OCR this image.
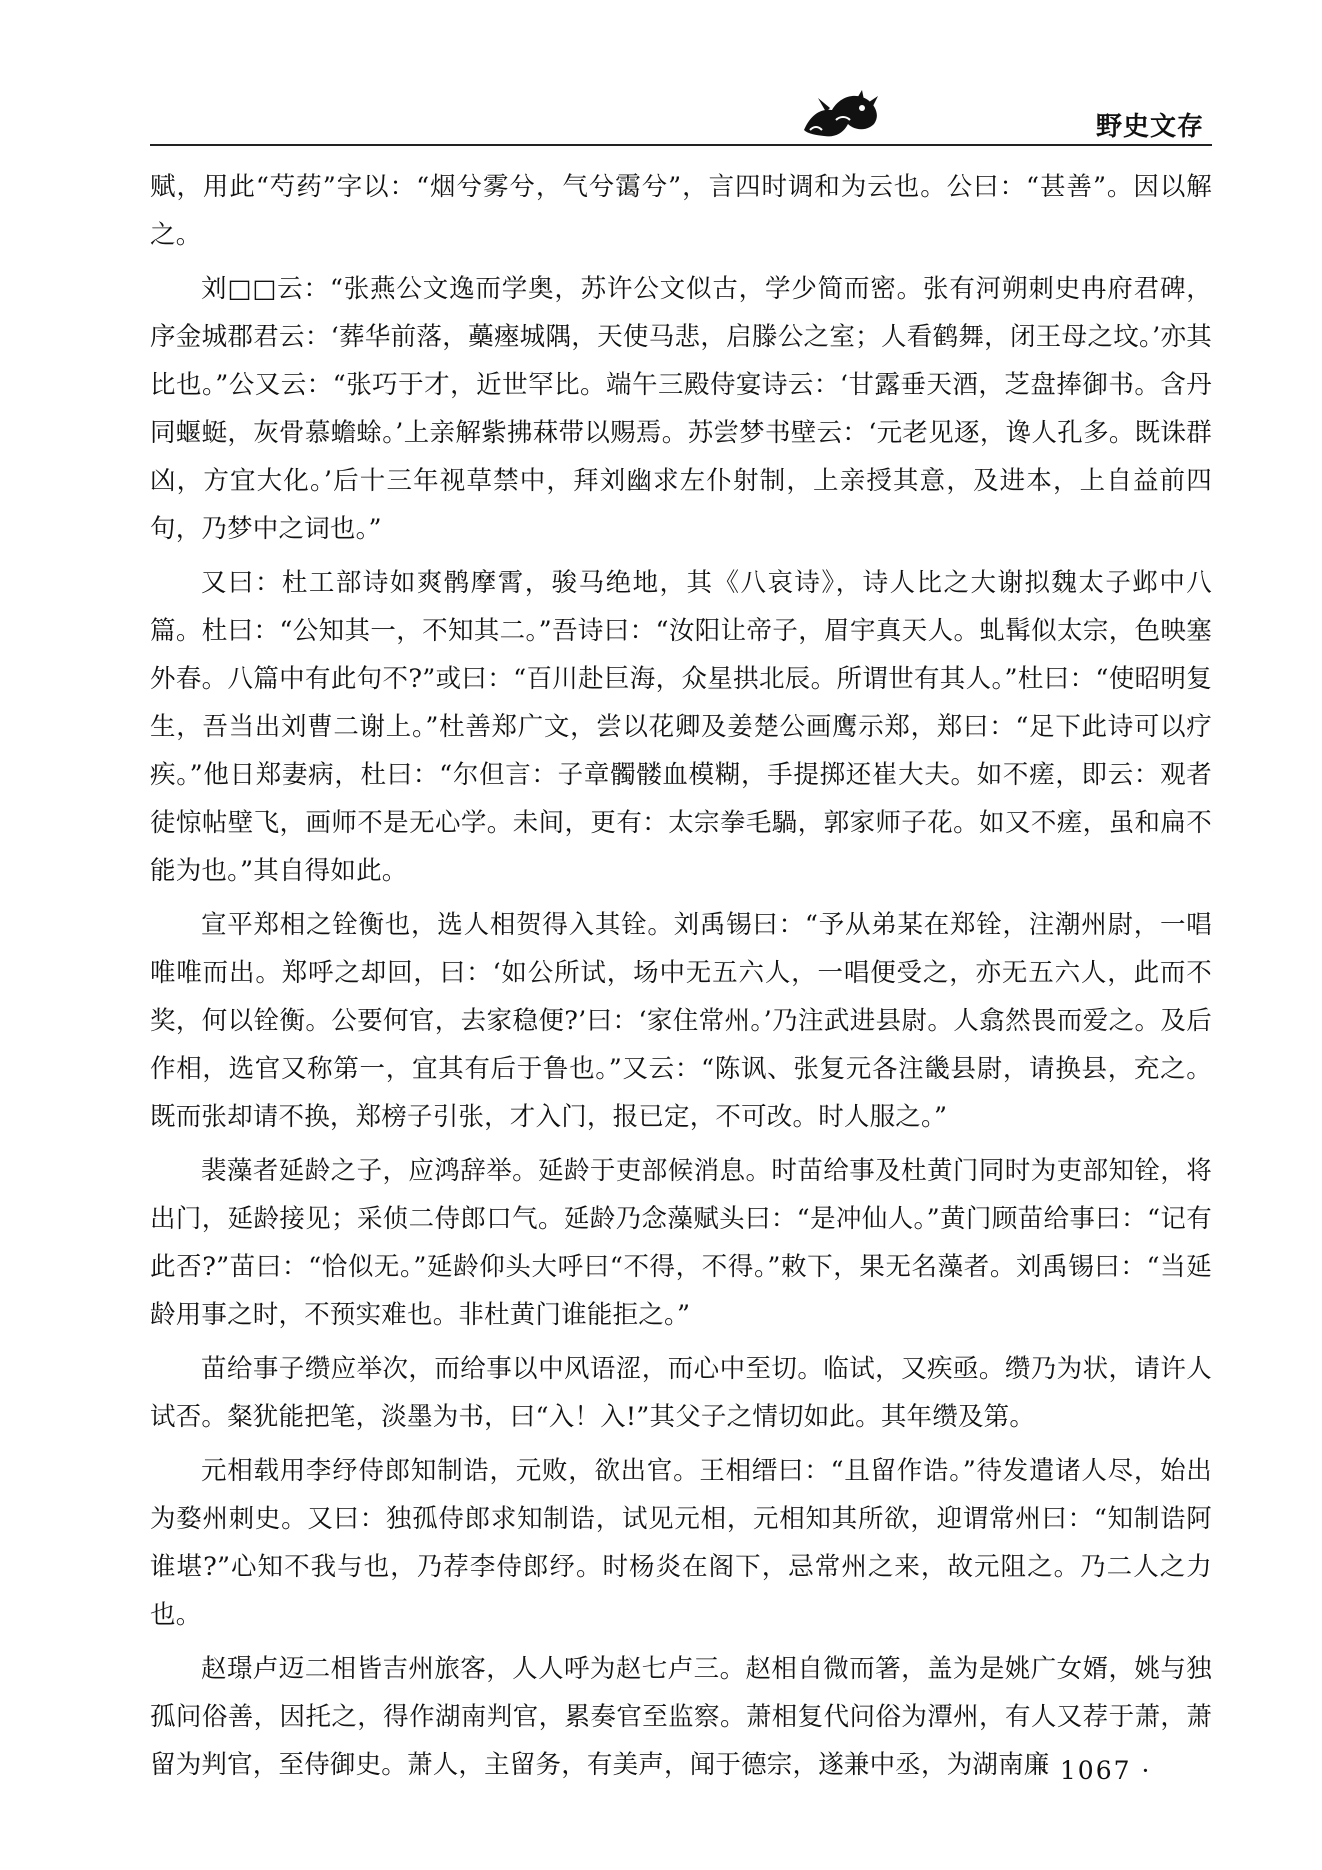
野史文存

赋，用此“芍药”字以：“烟兮雾兮，气兮霭兮”，言四时调和为云也。公曰：“甚善”。因以解之。

刘□□云：“张燕公文逸而学奥，苏许公文似古，学少简而密。张有河朔刺史冉府君碑，序金城郡君云：‘葬华前落，蘽瘞城隅，天使马悲，启滕公之室；人看鹤舞，闭王母之坟。’亦其比也。”公又云：“张巧于才，近世罕比。端午三殿侍宴诗云：‘甘露垂天酒，芝盘捧御书。含丹同蝘蜓，灰骨慕蟾蜍。’上亲解紫拂菻带以赐焉。苏尝梦书壁云：‘元老见逐，谗人孔多。既诛群凶，方宜大化。’后十三年视草禁中，拜刘幽求左仆射制，上亲授其意，及进本，上自益前四句，乃梦中之词也。”

又曰：杜工部诗如爽鹘摩霄，骏马绝地，其《八哀诗》，诗人比之大谢拟魏太子邺中八篇。杜曰：“公知其一，不知其二。”吾诗曰：“汝阳让帝子，眉宇真天人。虬髯似太宗，色映塞外春。八篇中有此句不?”或曰：“百川赴巨海，众星拱北辰。所谓世有其人。”杜曰：“使昭明复生，吾当出刘曹二谢上。”杜善郑广文，尝以花卿及姜楚公画鹰示郑，郑曰：“足下此诗可以疗疾。”他日郑妻病，杜曰：“尔但言：子章髑髅血模糊，手提掷还崔大夫。如不瘥，即云：观者徒惊帖壁飞，画师不是无心学。未间，更有：太宗拳毛騧，郭家师子花。如又不瘥，虽和扁不能为也。”其自得如此。

宣平郑相之铨衡也，选人相贺得入其铨。刘禹锡曰：“予从弟某在郑铨，注潮州尉，一唱唯唯而出。郑呼之却回，曰：‘如公所试，场中无五六人，一唱便受之，亦无五六人，此而不奖，何以铨衡。公要何官，去家稳便?’曰：‘家住常州。’乃注武进县尉。人翕然畏而爱之。及后作相，选官又称第一，宜其有后于鲁也。”又云：“陈讽、张复元各注畿县尉，请换县，充之。既而张却请不换，郑榜子引张，才入门，报已定，不可改。时人服之。”

裴藻者延龄之子，应鸿辞举。延龄于吏部候消息。时苗给事及杜黄门同时为吏部知铨，将出门，延龄接见；采侦二侍郎口气。延龄乃念藻赋头曰：“是冲仙人。”黄门顾苗给事曰：“记有此否?”苗曰：“恰似无。”延龄仰头大呼曰“不得，不得。”敕下，果无名藻者。刘禹锡曰：“当延龄用事之时，不预实难也。非杜黄门谁能拒之。”

苗给事子缵应举次，而给事以中风语涩，而心中至切。临试，又疾亟。缵乃为状，请许人试否。粲犹能把笔，淡墨为书，曰“入！入!”其父子之情切如此。其年缵及第。

元相载用李纾侍郎知制诰，元败，欲出官。王相缙曰：“且留作诰。”待发遣诸人尽，始出为婺州刺史。又曰：独孤侍郎求知制诰，试见元相，元相知其所欲，迎谓常州曰：“知制诰阿谁堪?”心知不我与也，乃荐李侍郎纾。时杨炎在阁下，忌常州之来，故元阻之。乃二人之力也。

赵璟卢迈二相皆吉州旅客，人人呼为赵七卢三。赵相自微而箸，盖为是姚广女婿，姚与独孤问俗善，因托之，得作湖南判官，累奏官至监察。萧相复代问俗为潭州，有人又荐于萧，萧留为判官，至侍御史。萧人，主留务，有美声，闻于德宗，遂兼中丞，为湖南廉

· 1067 ·
